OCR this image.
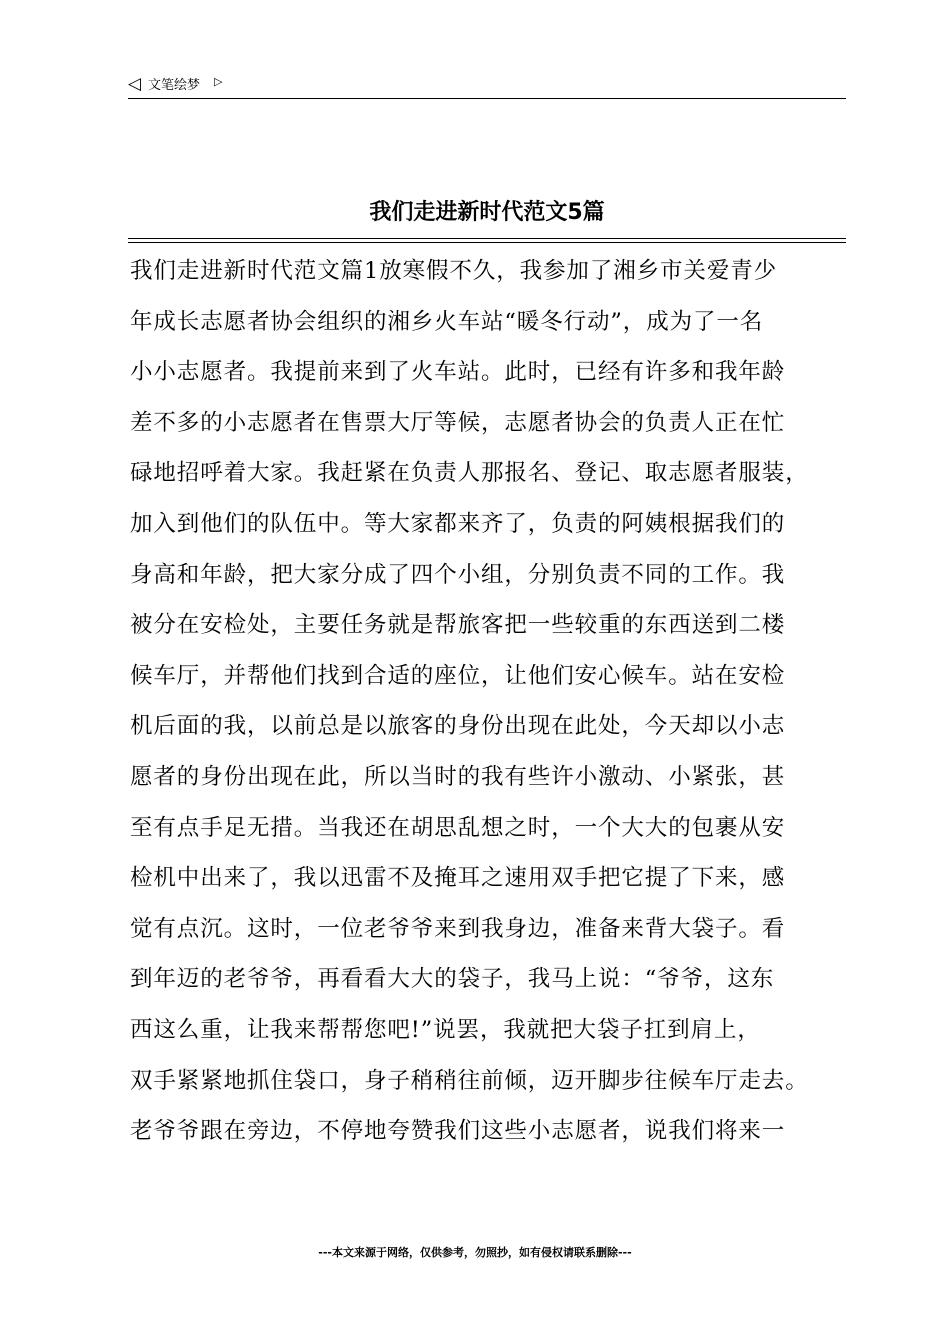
◁ 文笔绘梦 ▷
我们走进新时代范文5篇
我们走进新时代范文篇1放寒假不久，我参加了湘乡市关爱青少
年成长志愿者协会组织的湘乡火车站“暖冬行动”，成为了一名
小小志愿者。我提前来到了火车站。此时，已经有许多和我年龄
差不多的小志愿者在售票大厅等候，志愿者协会的负责人正在忙
碌地招呼着大家。我赶紧在负责人那报名、登记、取志愿者服装，
加入到他们的队伍中。等大家都来齐了，负责的阿姨根据我们的
身高和年龄，把大家分成了四个小组，分别负责不同的工作。我
被分在安检处，主要任务就是帮旅客把一些较重的东西送到二楼
候车厅，并帮他们找到合适的座位，让他们安心候车。站在安检
机后面的我，以前总是以旅客的身份出现在此处，今天却以小志
愿者的身份出现在此，所以当时的我有些许小激动、小紧张，甚
至有点手足无措。当我还在胡思乱想之时，一个大大的包裹从安
检机中出来了，我以迅雷不及掩耳之速用双手把它提了下来，感
觉有点沉。这时，一位老爷爷来到我身边，准备来背大袋子。看
到年迈的老爷爷，再看看大大的袋子，我马上说：“爷爷，这东
西这么重，让我来帮帮您吧!”说罢，我就把大袋子扛到肩上，
双手紧紧地抓住袋口，身子稍稍往前倾，迈开脚步往候车厅走去。
老爷爷跟在旁边，不停地夸赞我们这些小志愿者，说我们将来一
---本文来源于网络，仅供参考，勿照抄，如有侵权请联系删除---
